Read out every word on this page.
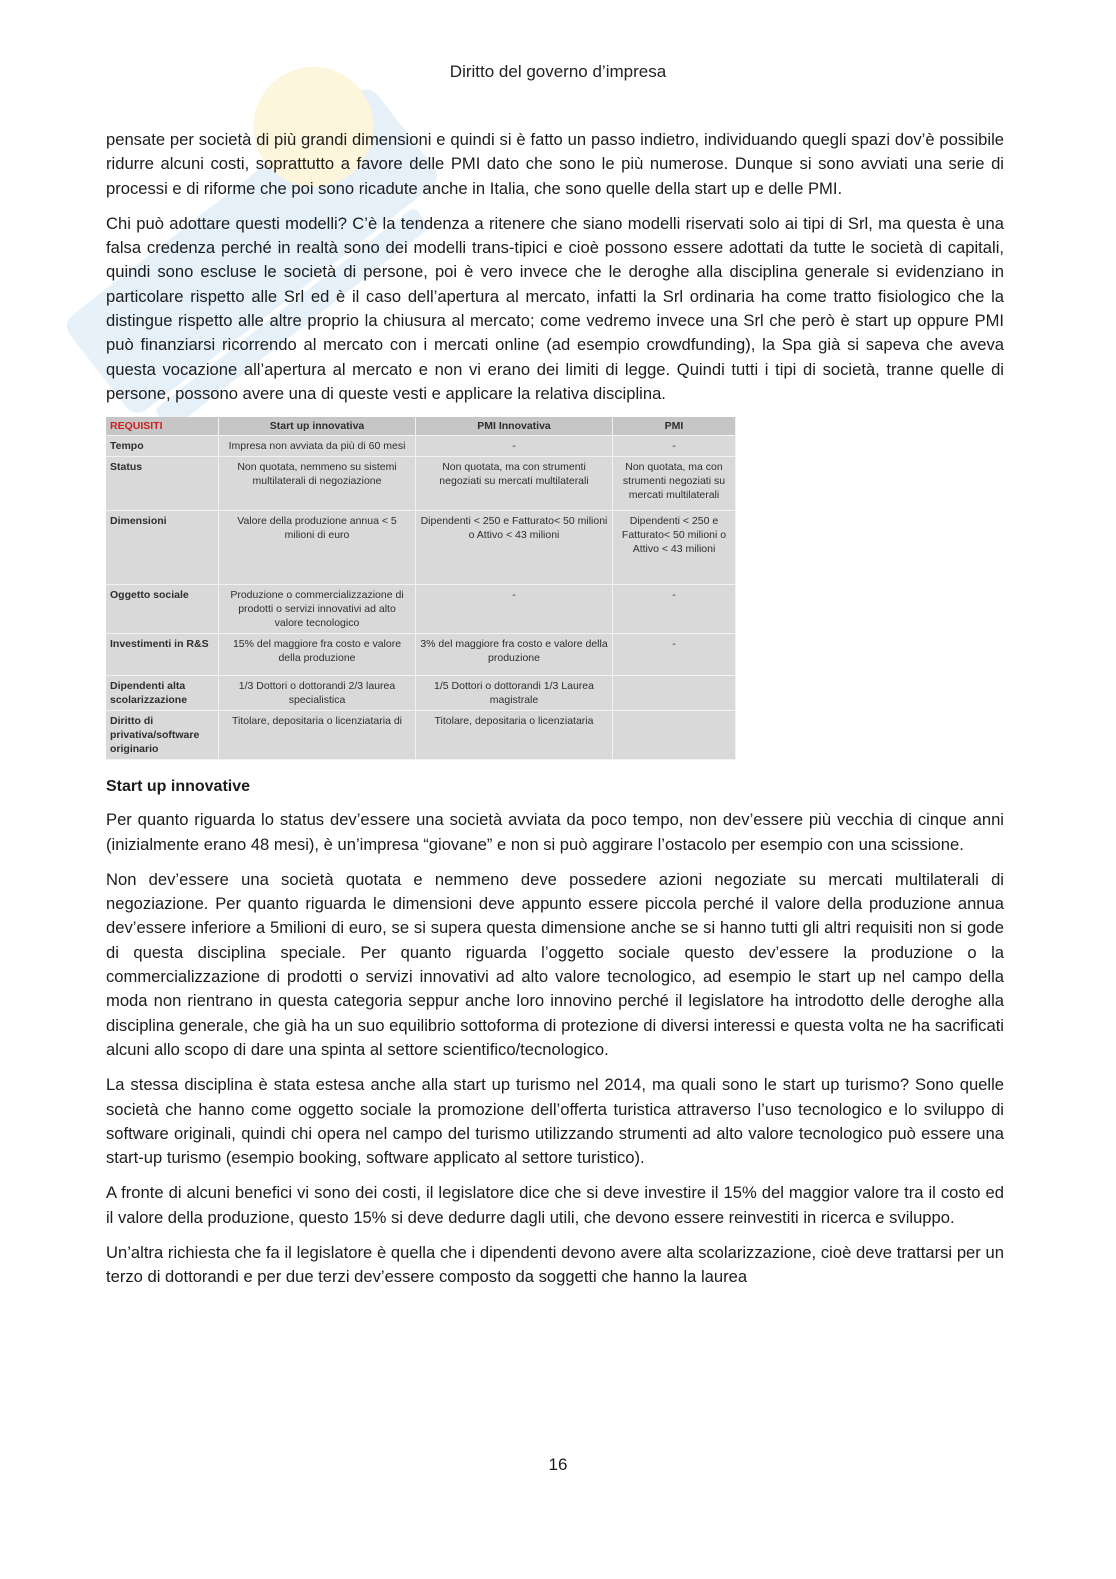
Diritto del governo d’impresa

pensate per società di più grandi dimensioni e quindi si è fatto un passo indietro, individuando quegli spazi dov’è possibile ridurre alcuni costi, soprattutto a favore delle PMI dato che sono le più numerose. Dunque si sono avviati una serie di processi e di riforme che poi sono ricadute anche in Italia, che sono quelle della start up e delle PMI.

Chi può adottare questi modelli? C’è la tendenza a ritenere che siano modelli riservati solo ai tipi di Srl, ma questa è una falsa credenza perché in realtà sono dei modelli trans-tipici e cioè possono essere adottati da tutte le società di capitali, quindi sono escluse le società di persone, poi è vero invece che le deroghe alla disciplina generale si evidenziano in particolare rispetto alle Srl ed è il caso dell’apertura al mercato, infatti la Srl ordinaria ha come tratto fisiologico che la distingue rispetto alle altre proprio la chiusura al mercato; come vedremo invece una Srl che però è start up oppure PMI può finanziarsi ricorrendo al mercato con i mercati online (ad esempio crowdfunding), la Spa già si sapeva che aveva questa vocazione all’apertura al mercato e non vi erano dei limiti di legge. Quindi tutti i tipi di società, tranne quelle di persone, possono avere una di queste vesti e applicare la relativa disciplina.

REQUISITI	Start up innovativa	PMI Innovativa	PMI
Tempo	Impresa non avviata da più di 60 mesi	-	-
Status	Non quotata, nemmeno su sistemi multilaterali di negoziazione	Non quotata, ma con strumenti negoziati su mercati multilaterali	Non quotata, ma con strumenti negoziati su mercati multilaterali
Dimensioni	Valore della produzione annua < 5 milioni di euro	Dipendenti < 250 e Fatturato< 50 milioni o Attivo < 43 milioni	Dipendenti < 250 e Fatturato< 50 milioni o Attivo < 43 milioni
Oggetto sociale	Produzione o commercializzazione di prodotti o servizi innovativi ad alto valore tecnologico	-	-
Investimenti in R&S	15% del maggiore fra costo e valore della produzione	3% del maggiore fra costo e valore della produzione	-
Dipendenti alta scolarizzazione	1/3 Dottori o dottorandi 2/3 laurea specialistica	1/5 Dottori o dottorandi 1/3 Laurea magistrale	
Diritto di privativa/software originario	Titolare, depositaria o licenziataria di	Titolare, depositaria o licenziataria	
Start up innovative

Per quanto riguarda lo status dev’essere una società avviata da poco tempo, non dev’essere più vecchia di cinque anni (inizialmente erano 48 mesi), è un’impresa “giovane” e non si può aggirare l’ostacolo per esempio con una scissione.

Non dev’essere una società quotata e nemmeno deve possedere azioni negoziate su mercati multilaterali di negoziazione. Per quanto riguarda le dimensioni deve appunto essere piccola perché il valore della produzione annua dev’essere inferiore a 5milioni di euro, se si supera questa dimensione anche se si hanno tutti gli altri requisiti non si gode di questa disciplina speciale. Per quanto riguarda l’oggetto sociale questo dev’essere la produzione o la commercializzazione di prodotti o servizi innovativi ad alto valore tecnologico, ad esempio le start up nel campo della moda non rientrano in questa categoria seppur anche loro innovino perché il legislatore ha introdotto delle deroghe alla disciplina generale, che già ha un suo equilibrio sottoforma di protezione di diversi interessi e questa volta ne ha sacrificati alcuni allo scopo di dare una spinta al settore scientifico/tecnologico.

La stessa disciplina è stata estesa anche alla start up turismo nel 2014, ma quali sono le start up turismo? Sono quelle società che hanno come oggetto sociale la promozione dell’offerta turistica attraverso l’uso tecnologico e lo sviluppo di software originali, quindi chi opera nel campo del turismo utilizzando strumenti ad alto valore tecnologico può essere una start-up turismo (esempio booking, software applicato al settore turistico).

A fronte di alcuni benefici vi sono dei costi, il legislatore dice che si deve investire il 15% del maggior valore tra il costo ed il valore della produzione, questo 15% si deve dedurre dagli utili, che devono essere reinvestiti in ricerca e sviluppo.

Un’altra richiesta che fa il legislatore è quella che i dipendenti devono avere alta scolarizzazione, cioè deve trattarsi per un terzo di dottorandi e per due terzi dev’essere composto da soggetti che hanno la laurea

16
